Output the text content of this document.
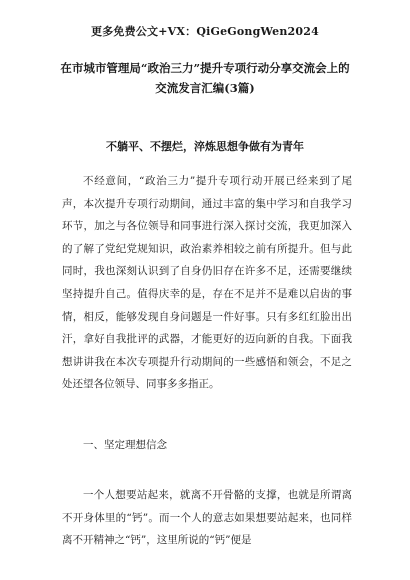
更多免费公文+VX：QiGeGongWen2024
在市城市管理局“政治三力”提升专项行动分享交流会上的交流发言汇编(3篇)
不躺平、不摆烂，淬炼思想争做有为青年

不经意间，“政治三力”提升专项行动开展已经来到了尾声，本次提升专项行动期间，通过丰富的集中学习和自我学习环节，加之与各位领导和同事进行深入探讨交流，我更加深入的了解了党纪党规知识，政治素养相较之前有所提升。但与此同时，我也深刻认识到了自身仍旧存在许多不足，还需要继续坚持提升自己。值得庆幸的是，存在不足并不是难以启齿的事情，相反，能够发现自身问题是一件好事。只有多红红脸出出汗，拿好自我批评的武器，才能更好的迈向新的自我。下面我想讲讲我在本次专项提升行动期间的一些感悟和领会，不足之处还望各位领导、同事多多指正。

一、坚定理想信念
一个人想要站起来，就离不开骨骼的支撑，也就是所谓离不开身体里的“钙”。而一个人的意志如果想要站起来，也同样离不开精神之“钙”，这里所说的“钙”便是
